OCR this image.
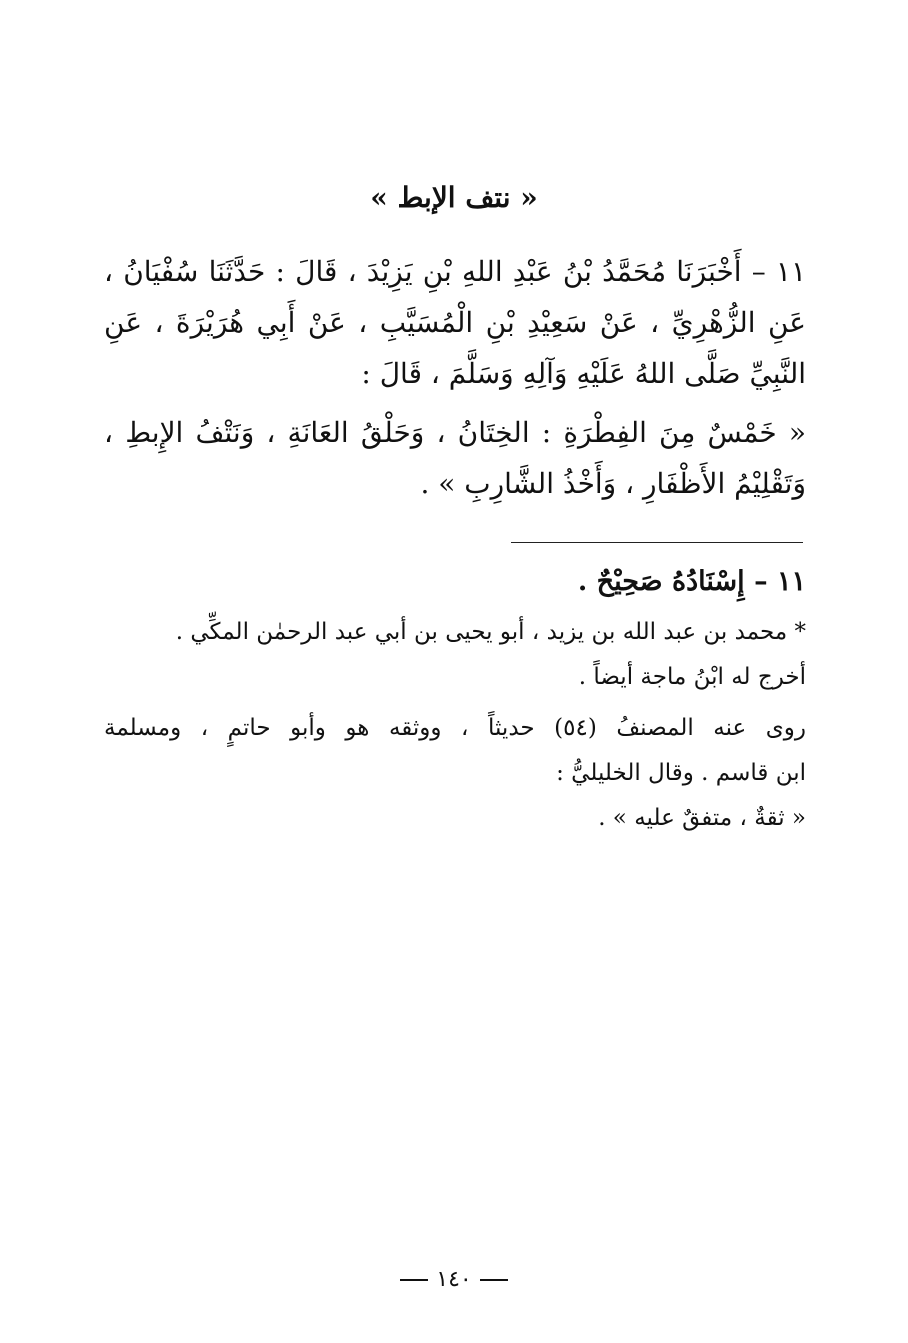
« نتف الإبط »

١١ – أَخْبَرَنَا مُحَمَّدُ بْنُ عَبْدِ اللهِ بْنِ يَزِيْدَ ، قَالَ : حَدَّثَنَا سُفْيَانُ ، عَنِ الزُّهْرِيِّ ، عَنْ سَعِيْدِ بْنِ الْمُسَيَّبِ ، عَنْ أَبِي هُرَيْرَةَ ، عَنِ النَّبِيِّ صَلَّى اللهُ عَلَيْهِ وَآلِهِ وَسَلَّمَ ، قَالَ :

« خَمْسٌ مِنَ الفِطْرَةِ : الخِتَانُ ، وَحَلْقُ العَانَةِ ، وَنَتْفُ الإِبطِ ، وَتَقْلِيْمُ الأَظْفَارِ ، وَأَخْذُ الشَّارِبِ » .

١١ – إِسْنَادُهُ صَحِيْحٌ .

* محمد بن عبد الله بن يزيد ، أبو يحيى بن أبي عبد الرحمٰن المكِّي .

أخرج له ابْنُ ماجة أيضاً .

روى عنه المصنفُ (٥٤) حديثاً ، ووثقه هو وأبو حاتمٍ ، ومسلمة

ابن قاسم . وقال الخليليُّ :

« ثقةٌ ، متفقٌ عليه » .

١٤٠
